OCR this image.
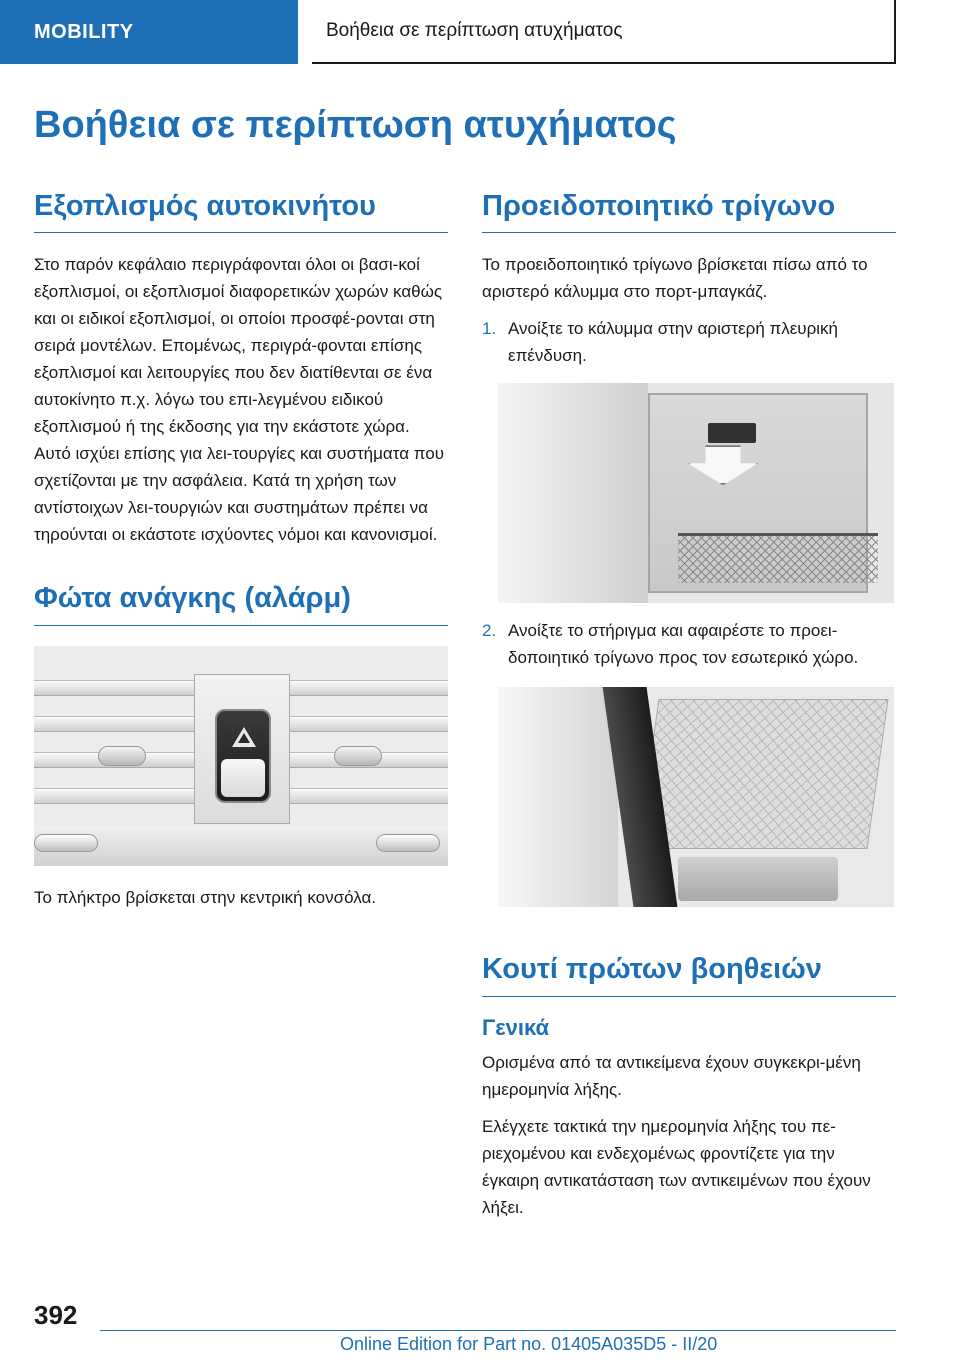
MOBILITY	Βοήθεια σε περίπτωση ατυχήματος
Βοήθεια σε περίπτωση ατυχήματος
Εξοπλισμός αυτοκινήτου

Στο παρόν κεφάλαιο περιγράφονται όλοι οι βασι‐κοί εξοπλισμοί, οι εξοπλισμοί διαφορετικών χωρών καθώς και οι ειδικοί εξοπλισμοί, οι οποίοι προσφέ‐ρονται στη σειρά μοντέλων. Επομένως, περιγρά‐φονται επίσης εξοπλισμοί και λειτουργίες που δεν διατίθενται σε ένα αυτοκίνητο π.χ. λόγω του επι‐λεγμένου ειδικού εξοπλισμού ή της έκδοσης για την εκάστοτε χώρα. Αυτό ισχύει επίσης για λει‐τουργίες και συστήματα που σχετίζονται με την ασφάλεια. Κατά τη χρήση των αντίστοιχων λει‐τουργιών και συστημάτων πρέπει να τηρούνται οι εκάστοτε ισχύοντες νόμοι και κανονισμοί.

Φώτα ανάγκης (αλάρμ)

Το πλήκτρο βρίσκεται στην κεντρική κονσόλα.

Προειδοποιητικό τρίγωνο

Το προειδοποιητικό τρίγωνο βρίσκεται πίσω από το αριστερό κάλυμμα στο πορτ-μπαγκάζ.

1. Ανοίξτε το κάλυμμα στην αριστερή πλευρική επένδυση.
2. Ανοίξτε το στήριγμα και αφαιρέστε το προει‐δοποιητικό τρίγωνο προς τον εσωτερικό χώρο.
Κουτί πρώτων βοηθειών
Γενικά

Ορισμένα από τα αντικείμενα έχουν συγκεκρι‐μένη ημερομηνία λήξης.

Ελέγχετε τακτικά την ημερομηνία λήξης του πε‐ριεχομένου και ενδεχομένως φροντίζετε για την έγκαιρη αντικατάσταση των αντικειμένων που έχουν λήξει.

392
Online Edition for Part no. 01405A035D5 - II/20
